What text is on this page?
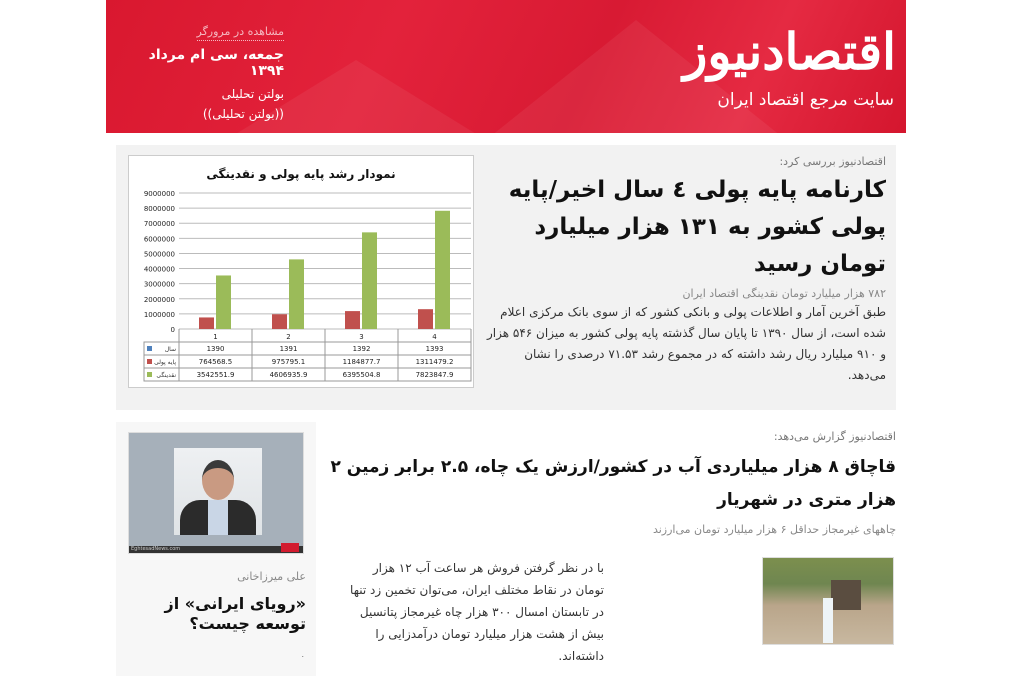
اقتصادنیوز
سایت مرجع اقتصاد ایران
مشاهده در مرورگر
جمعه، سی ام مرداد ۱۳۹۴
بولتن تحلیلی
((بولتن تحلیلی))
نمودار رشد پایه پولی و نقدینگی
0
1000000
2000000
3000000
4000000
5000000
6000000
7000000
8000000
9000000
1	2	3	4
سال	1390	1391	1392	1393
پایه پولی	764568.5	975795.1	1184877.7	1311479.2
نقدینگی	3542551.9	4606935.9	6395504.8	7823847.9
اقتصادنیوز بررسی کرد:
کارنامه پایه پولی ٤ سال اخیر/پایه پولی کشور به ۱۳۱ هزار میلیارد تومان رسید
۷۸۲ هزار میلیارد تومان نقدینگی اقتصاد ایران
طبق آخرین آمار و اطلاعات پولی و بانکی کشور که از سوی بانک مرکزی اعلام شده است، از سال ۱۳۹۰ تا پایان سال گذشته پایه پولی کشور به میزان ۵۴۶ هزار و ۹۱۰ میلیارد ریال رشد داشته که در مجموع رشد ۷۱.۵۳ درصدی را نشان می‌دهد.
EghtesadNews.com
علی میرزاخانی
«رویای ایرانی» از توسعه چیست؟
.
اقتصادنیوز گزارش می‌دهد:
قاچاق ۸ هزار میلیاردی آب در کشور/ارزش یک چاه، ۲.۵ برابر زمین ۲ هزار متری در شهریار
چاههای غیرمجاز حداقل ۶ هزار میلیارد تومان می‌ارزند
با در نظر گرفتن فروش هر ساعت آب ۱۲ هزار تومان در نقاط مختلف ایران، می‌توان تخمین زد تنها در تابستان امسال ۳۰۰ هزار چاه غیرمجاز پتانسیل بیش از هشت هزار میلیارد تومان درآمدزایی را داشته‌اند.
